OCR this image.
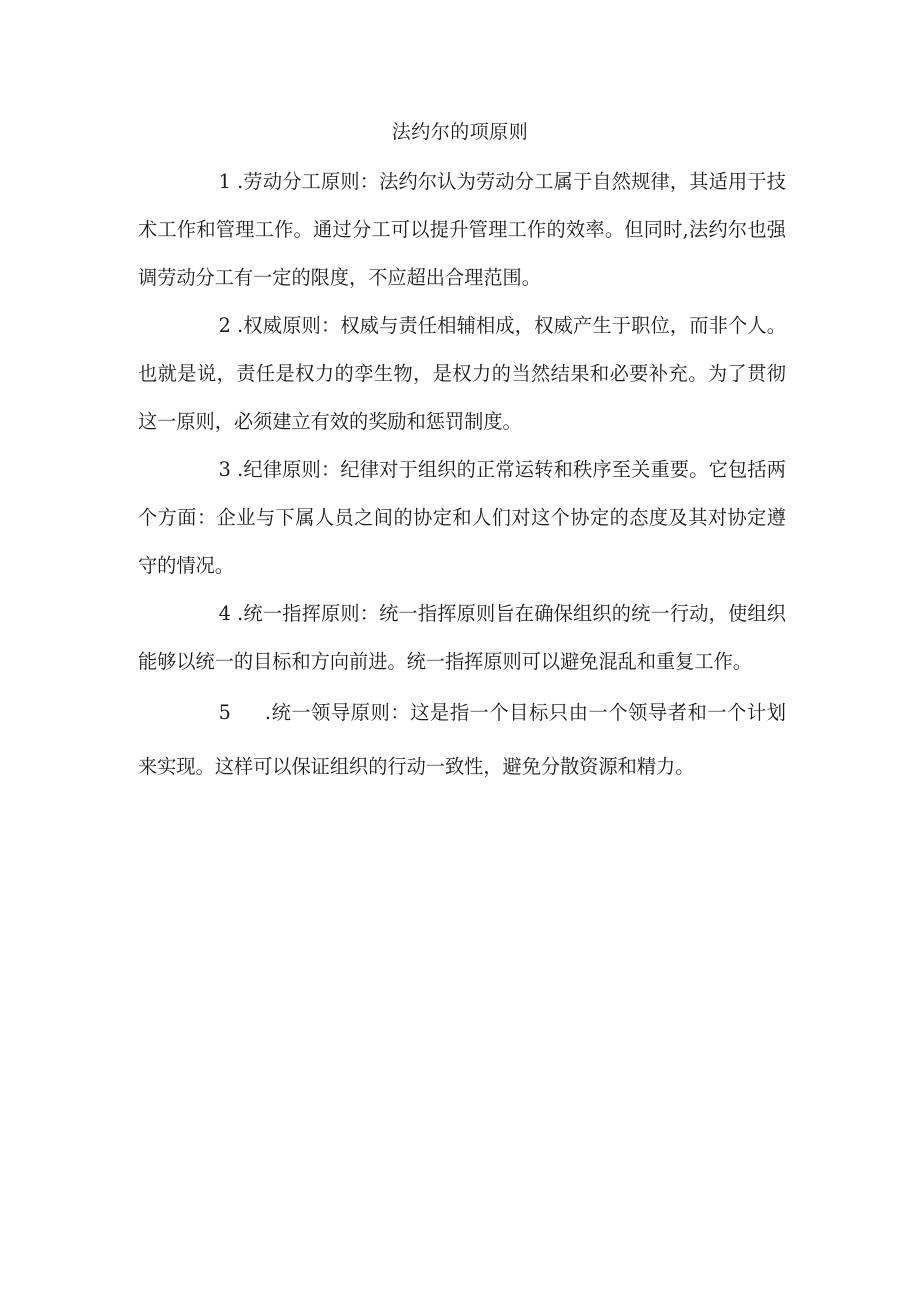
法约尔的项原则

1 .劳动分工原则：法约尔认为劳动分工属于自然规律，其适用于技术工作和管理工作。通过分工可以提升管理工作的效率。但同时,法约尔也强调劳动分工有一定的限度，不应超出合理范围。

2 .权威原则：权威与责任相辅相成，权威产生于职位，而非个人。也就是说，责任是权力的孪生物，是权力的当然结果和必要补充。为了贯彻这一原则，必须建立有效的奖励和惩罚制度。

3 .纪律原则：纪律对于组织的正常运转和秩序至关重要。它包括两个方面：企业与下属人员之间的协定和人们对这个协定的态度及其对协定遵守的情况。

4 .统一指挥原则：统一指挥原则旨在确保组织的统一行动，使组织能够以统一的目标和方向前进。统一指挥原则可以避免混乱和重复工作。

5 .统一领导原则：这是指一个目标只由一个领导者和一个计划来实现。这样可以保证组织的行动一致性，避免分散资源和精力。
